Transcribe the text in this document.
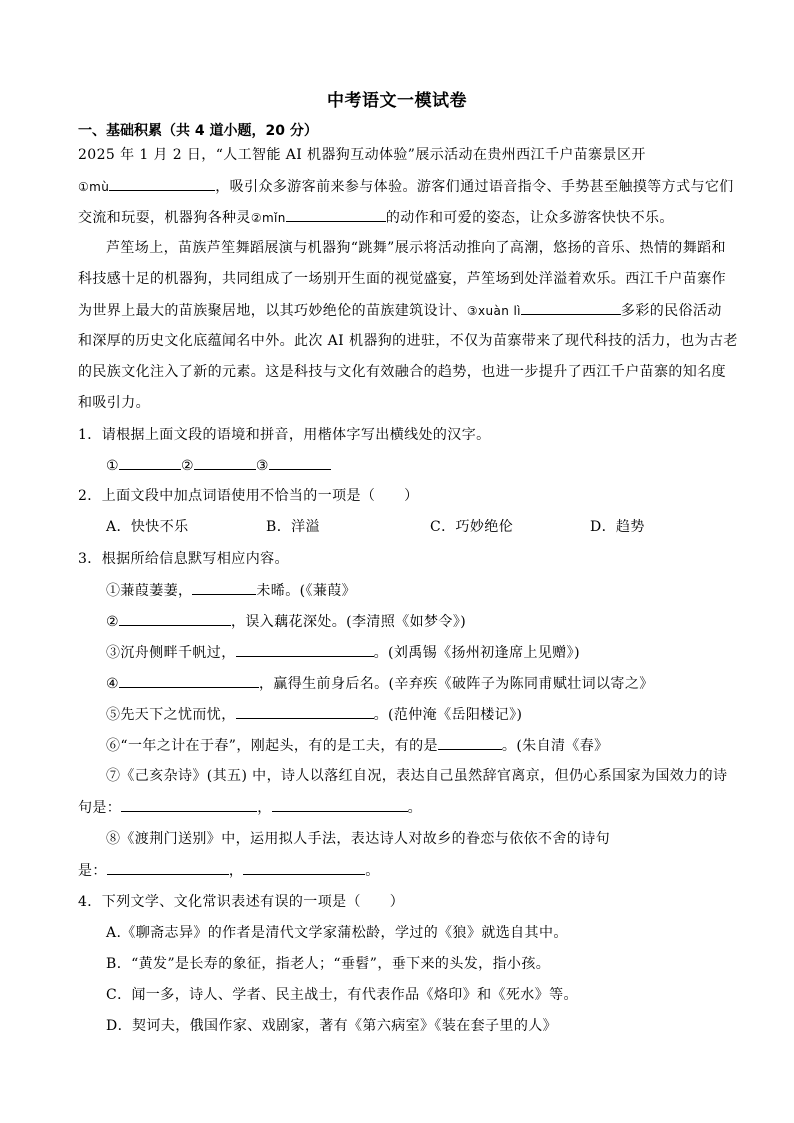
中考语文一模试卷
一、基础积累（共 4 道小题，20 分）
2025 年 1 月 2 日，“人工智能 AI 机器狗互动体验”展示活动在贵州西江千户苗寨景区开
①mù	，吸引众多游客前来参与体验。游客们通过语音指令、手势甚至触摸等方式与它们
交流和玩耍，机器狗各种灵②mǐn	的动作和可爱的姿态，让众多游客快快不乐。
芦笙场上，苗族芦笙舞蹈展演与机器狗“跳舞”展示将活动推向了高潮，悠扬的音乐、热情的舞蹈和
科技感十足的机器狗，共同组成了一场别开生面的视觉盛宴，芦笙场到处洋溢着欢乐。西江千户苗寨作
为世界上最大的苗族聚居地，以其巧妙绝伦的苗族建筑设计、③xuàn lì	多彩的民俗活动
和深厚的历史文化底蕴闻名中外。此次 AI 机器狗的进驻，不仅为苗寨带来了现代科技的活力，也为古老
的民族文化注入了新的元素。这是科技与文化有效融合的趋势，也进一步提升了西江千户苗寨的知名度
和吸引力。
1．请根据上面文段的语境和拼音，用楷体字写出横线处的汉字。
①	②	③
2．上面文段中加点词语使用不恰当的一项是（　　）
A．快快不乐	B．洋溢	C．巧妙绝伦	D．趋势
3．根据所给信息默写相应内容。
①蒹葭萋萋，	未晞。(《蒹葭》
②	，误入藕花深处。(李清照《如梦令》)
③沉舟侧畔千帆过，	。(刘禹锡《扬州初逢席上见赠》)
④	，赢得生前身后名。(辛弃疾《破阵子为陈同甫赋壮词以寄之》
⑤先天下之忧而忧，	。(范仲淹《岳阳楼记》)
⑥“一年之计在于春”，刚起头，有的是工夫，有的是	。(朱自清《春》
⑦《己亥杂诗》(其五) 中，诗人以落红自况，表达自己虽然辞官离京，但仍心系国家为国效力的诗
句是：	，	。
⑧《渡荆门送别》中，运用拟人手法，表达诗人对故乡的眷恋与依依不舍的诗句
是：	，	。
4．下列文学、文化常识表述有误的一项是（　　）
A.《聊斋志异》的作者是清代文学家蒲松龄，学过的《狼》就选自其中。
B．“黄发”是长寿的象征，指老人；“垂髫”，垂下来的头发，指小孩。
C．闻一多，诗人、学者、民主战士，有代表作品《烙印》和《死水》等。
D．契诃夫，俄国作家、戏剧家，著有《第六病室》《装在套子里的人》
